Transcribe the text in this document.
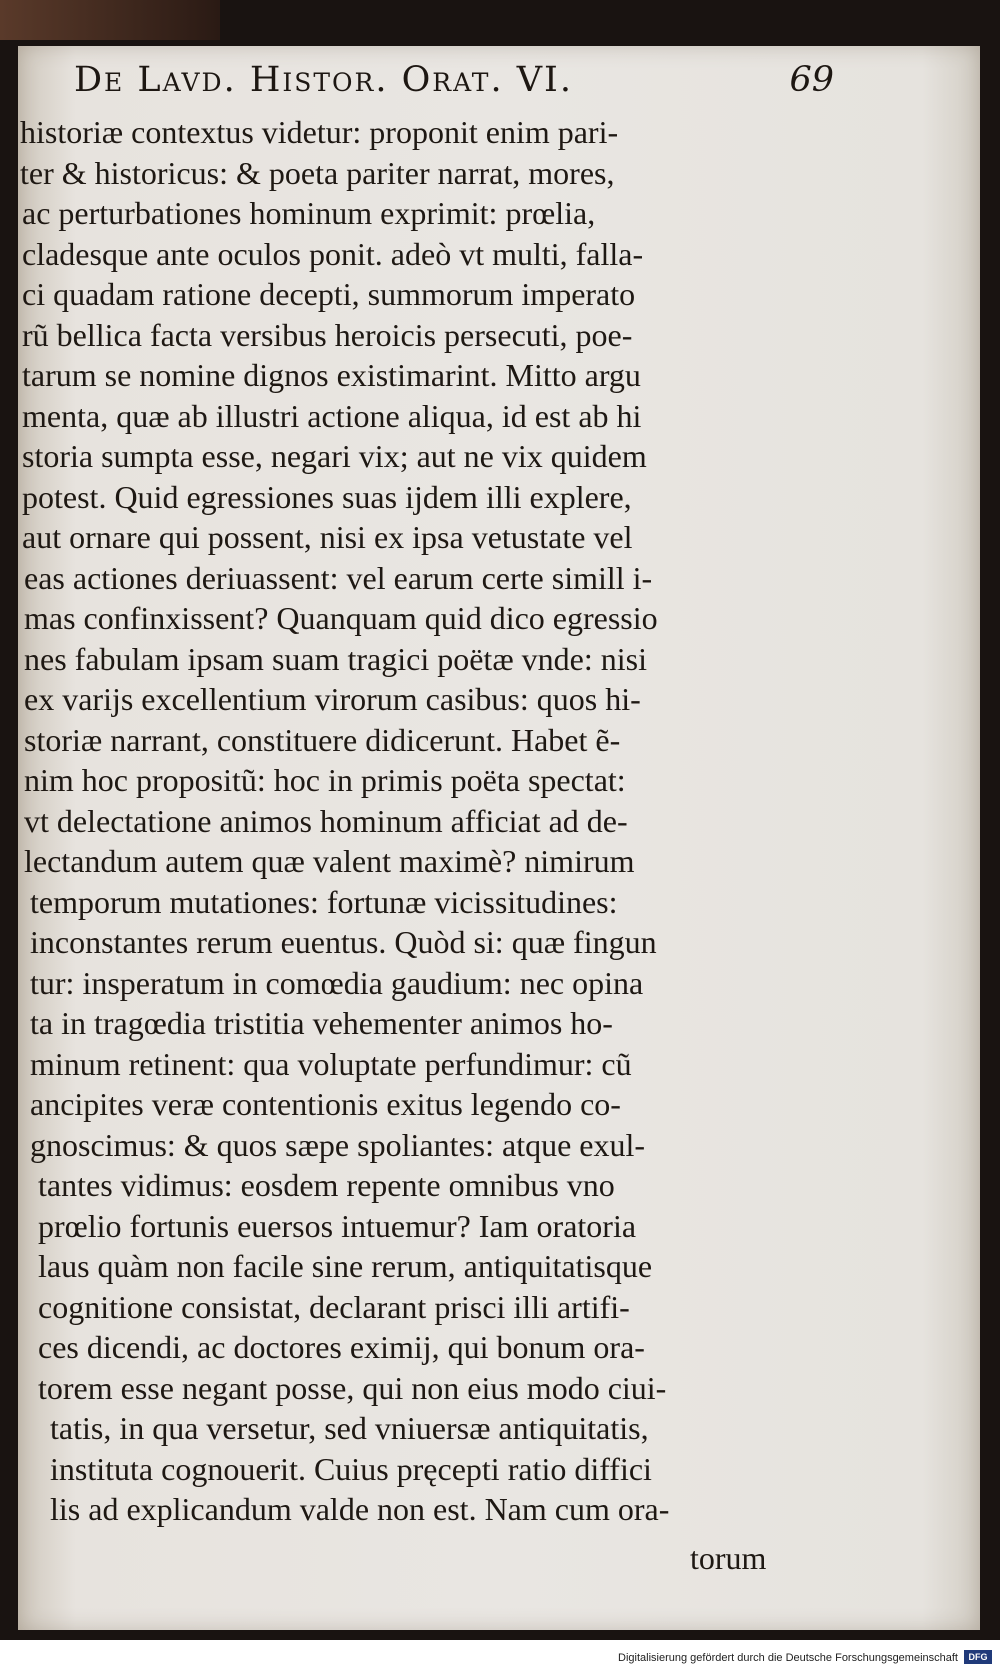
De Lavd. Histor. Orat. VI.	69
historiæ contextus videtur: proponit enim pari-
ter & historicus: & poeta pariter narrat, mores,
ac perturbationes hominum exprimit: prœlia,
cladesque ante oculos ponit. adeò vt multi, falla-
ci quadam ratione decepti, summorum imperato
rũ bellica facta versibus heroicis persecuti, poe-
tarum se nomine dignos existimarint. Mitto argu
menta, quæ ab illustri actione aliqua, id est ab hi
storia sumpta esse, negari vix; aut ne vix quidem
potest. Quid egressiones suas ijdem illi explere,
aut ornare qui possent, nisi ex ipsa vetustate vel
eas actiones deriuassent: vel earum certe simill i-
mas confinxissent? Quanquam quid dico egressio
nes fabulam ipsam suam tragici poëtæ vnde: nisi
ex varijs excellentium virorum casibus: quos hi-
storiæ narrant, constituere didicerunt. Habet ẽ-
nim hoc propositũ: hoc in primis poëta spectat:
vt delectatione animos hominum afficiat ad de-
lectandum autem quæ valent maximè? nimirum
temporum mutationes: fortunæ vicissitudines:
inconstantes rerum euentus. Quòd si: quæ fingun
tur: insperatum in comœdia gaudium: nec opina
ta in tragœdia tristitia vehementer animos ho-
minum retinent: qua voluptate perfundimur: cũ
ancipites veræ contentionis exitus legendo co-
gnoscimus: & quos sæpe spoliantes: atque exul-
tantes vidimus: eosdem repente omnibus vno
prœlio fortunis euersos intuemur? Iam oratoria
laus quàm non facile sine rerum, antiquitatisque
cognitione consistat, declarant prisci illi artifi-
ces dicendi, ac doctores eximij, qui bonum ora-
torem esse negant posse, qui non eius modo ciui-
tatis, in qua versetur, sed vniuersæ antiquitatis,
instituta cognouerit. Cuius pręcepti ratio diffici
lis ad explicandum valde non est. Nam cum ora-
torum
Digitalisierung gefördert durch die Deutsche Forschungsgemeinschaft	DFG
